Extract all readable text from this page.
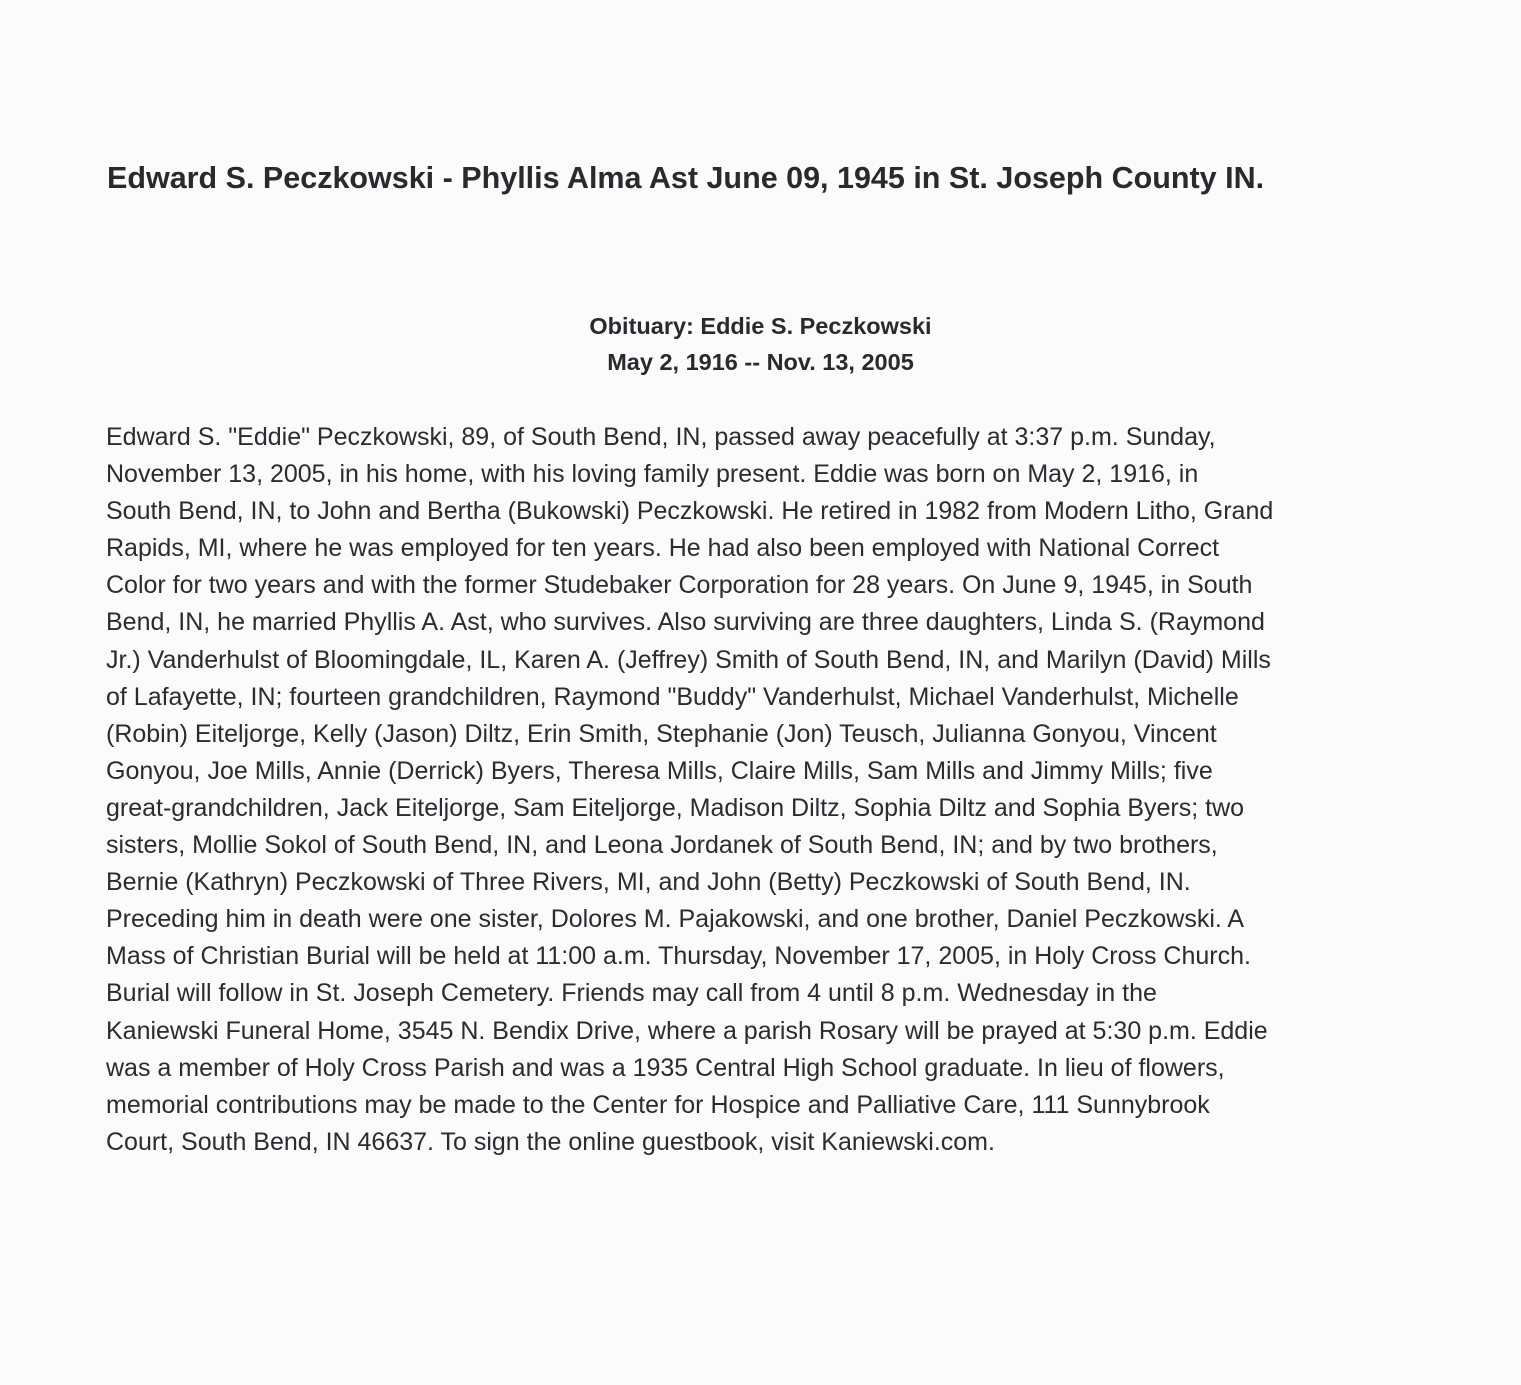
Edward S. Peczkowski - Phyllis Alma Ast June 09, 1945 in St. Joseph County IN.

Obituary: Eddie S. Peczkowski

May 2, 1916 -- Nov. 13, 2005

Edward S. "Eddie" Peczkowski, 89, of South Bend, IN, passed away peacefully at 3:37 p.m. Sunday,
November 13, 2005, in his home, with his loving family present. Eddie was born on May 2, 1916, in
South Bend, IN, to John and Bertha (Bukowski) Peczkowski. He retired in 1982 from Modern Litho, Grand
Rapids, MI, where he was employed for ten years. He had also been employed with National Correct
Color for two years and with the former Studebaker Corporation for 28 years. On June 9, 1945, in South
Bend, IN, he married Phyllis A. Ast, who survives. Also surviving are three daughters, Linda S. (Raymond
Jr.) Vanderhulst of Bloomingdale, IL, Karen A. (Jeffrey) Smith of South Bend, IN, and Marilyn (David) Mills
of Lafayette, IN; fourteen grandchildren, Raymond "Buddy" Vanderhulst, Michael Vanderhulst, Michelle
(Robin) Eiteljorge, Kelly (Jason) Diltz, Erin Smith, Stephanie (Jon) Teusch, Julianna Gonyou, Vincent
Gonyou, Joe Mills, Annie (Derrick) Byers, Theresa Mills, Claire Mills, Sam Mills and Jimmy Mills; five
great-grandchildren, Jack Eiteljorge, Sam Eiteljorge, Madison Diltz, Sophia Diltz and Sophia Byers; two
sisters, Mollie Sokol of South Bend, IN, and Leona Jordanek of South Bend, IN; and by two brothers,
Bernie (Kathryn) Peczkowski of Three Rivers, MI, and John (Betty) Peczkowski of South Bend, IN.
Preceding him in death were one sister, Dolores M. Pajakowski, and one brother, Daniel Peczkowski. A
Mass of Christian Burial will be held at 11:00 a.m. Thursday, November 17, 2005, in Holy Cross Church.
Burial will follow in St. Joseph Cemetery. Friends may call from 4 until 8 p.m. Wednesday in the
Kaniewski Funeral Home, 3545 N. Bendix Drive, where a parish Rosary will be prayed at 5:30 p.m. Eddie
was a member of Holy Cross Parish and was a 1935 Central High School graduate. In lieu of flowers,
memorial contributions may be made to the Center for Hospice and Palliative Care, 111 Sunnybrook
Court, South Bend, IN 46637. To sign the online guestbook, visit Kaniewski.com.
